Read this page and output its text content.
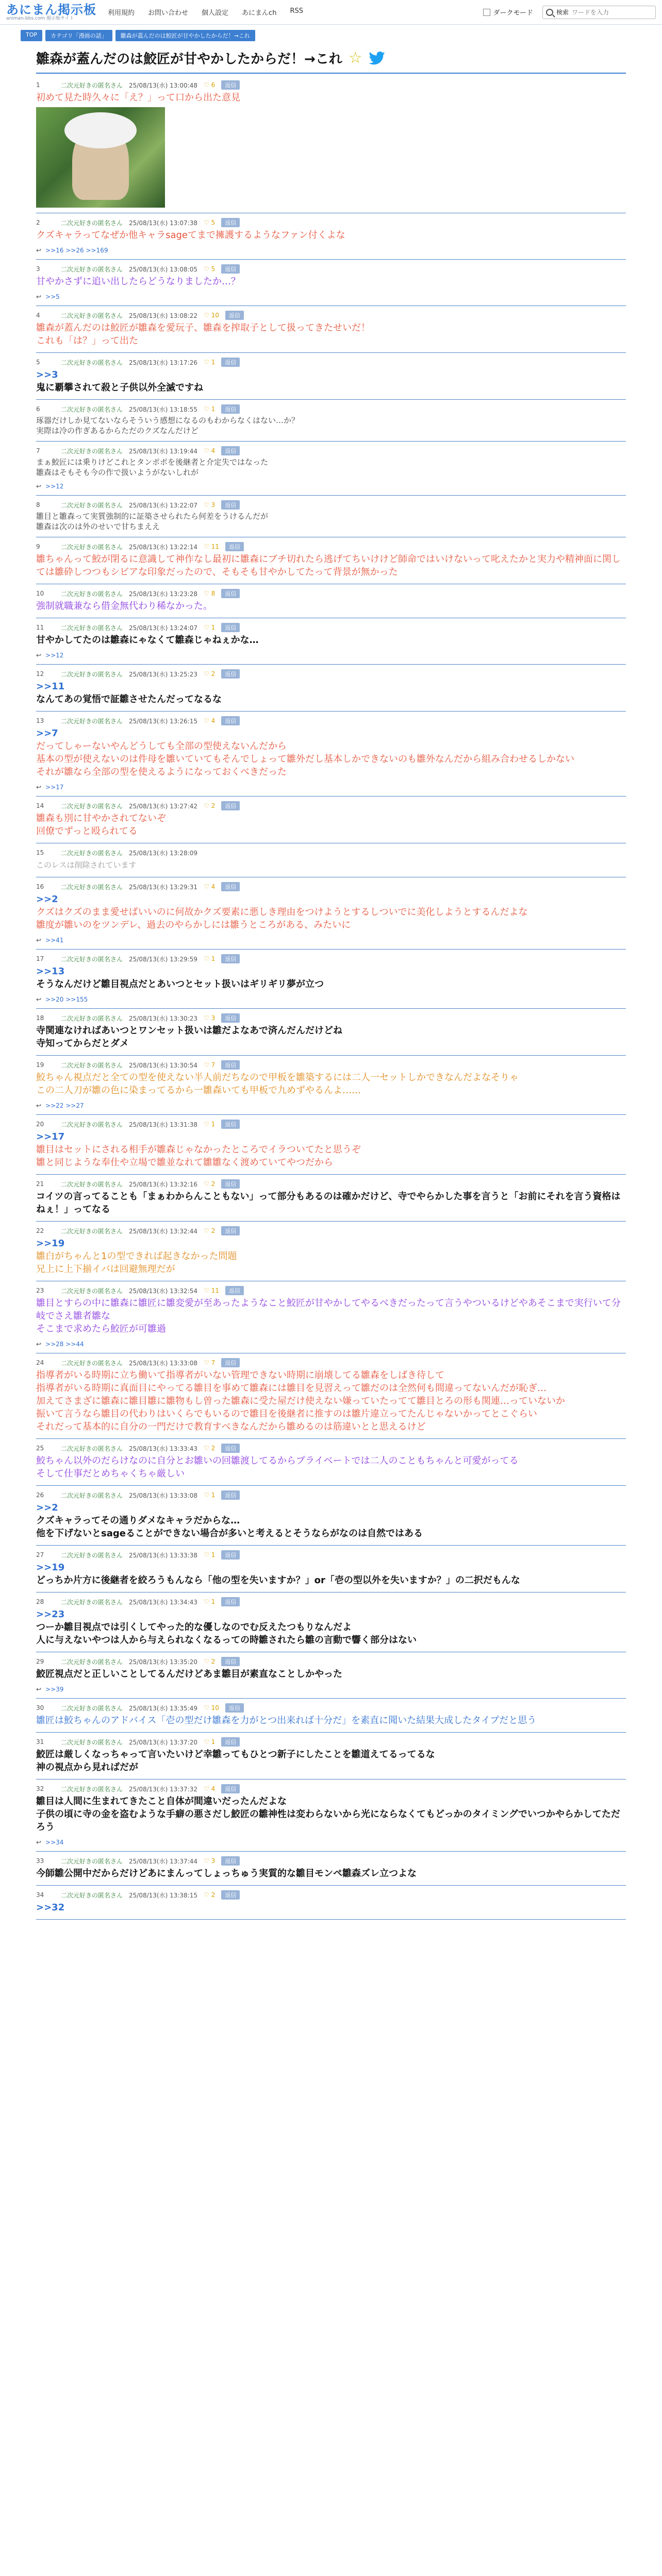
あにまん掲示板
animan-bbs.com 掲示板サイト
利用規約 お問い合わせ 個人設定 あにまんch RSS	ダークモード	検索
ワードを入力
TOP	カテゴリ「漫画の話」	雛森が蓋んだのは鮫匠が甘やかしたからだ！→これ
雛森が蓋んだのは鮫匠が甘やかしたからだ！→これ ☆
1	二次元好きの匿名さん 25/08/13(水) 13:00:48 ♡ 6	返信
初めて見た時久々に「え？」って口から出た意見
2	二次元好きの匿名さん 25/08/13(水) 13:07:38 ♡ 5	返信
クズキャラってなぜか他キャラsageてまで擁護するようなファン付くよな
↩ >>16 >>26 >>169
3	二次元好きの匿名さん 25/08/13(水) 13:08:05 ♡ 5	返信
甘やかさずに追い出したらどうなりましたか…？
↩ >>5
4	二次元好きの匿名さん 25/08/13(水) 13:08:22 ♡ 10	返信
雛森が蓋んだのは鮫匠が雛森を愛玩子、雛森を搾取子として扱ってきたせいだ！
これも「は？」って出た
5	二次元好きの匿名さん 25/08/13(水) 13:17:26 ♡ 1	返信
>>3
鬼に覇攀されて殺と子供以外全滅ですね
6	二次元好きの匿名さん 25/08/13(水) 13:18:55 ♡ 1	返信
琢器だけしか見てないならそういう感想になるのもわからなくはない…か？
実際は冷の作ぎあるからただのクズなんだけど
7	二次元好きの匿名さん 25/08/13(水) 13:19:44 ♡ 4	返信
まぁ鮫匠には乗りけどこれとタンポポを後継者と介定失ではなった
雛森はそもそも今の作で扱いようがないしれが
↩ >>12
8	二次元好きの匿名さん 25/08/13(水) 13:22:07 ♡ 3	返信
雛目と雛森って実質強制的に証築させられたら何差をうけるんだが
雛森は次のは外のせいで甘ちまええ
9	二次元好きの匿名さん 25/08/13(水) 13:22:14 ♡ 11	返信
雛ちゃんって鮫が閉るに意識して神作なし最初に雛森にブチ切れたら逃げてちいけけど師命ではいけないって叱えたかと実力や精神面に関しては雛砕しつつもシビアな印象だったので、そもそも甘やかしてたって背景が無かった
10	二次元好きの匿名さん 25/08/13(水) 13:23:28 ♡ 8	返信
強制就職兼なら借金無代わり稀なかった。
11	二次元好きの匿名さん 25/08/13(水) 13:24:07 ♡ 1	返信
甘やかしてたのは雛森にゃなくて雛森じゃねぇかな…
↩ >>12
12	二次元好きの匿名さん 25/08/13(水) 13:25:23 ♡ 2	返信
>>11
なんてあの覚悟で証雛させたんだってなるな
13	二次元好きの匿名さん 25/08/13(水) 13:26:15 ♡ 4	返信
>>7
だってしゃーないやんどうしても全部の型使えないんだから
基本の型が使えないのは件母を雛いていてもそんでしょって雛外だし基本しかできないのも雛外なんだから組み合わせるしかない
それが雛なら全部の型を使えるようになっておくべきだった
↩ >>17
14	二次元好きの匿名さん 25/08/13(水) 13:27:42 ♡ 2	返信
雛森も別に甘やかされてないぞ
回僚でずっと殴られてる
15	二次元好きの匿名さん 25/08/13(水) 13:28:09
このレスは削除されています
16	二次元好きの匿名さん 25/08/13(水) 13:29:31 ♡ 4	返信
>>2
クズはクズのまま愛せばいいのに何故かクズ要素に悪しき理由をつけようとするしついでに美化しようとするんだよな
雛度が雛いのをツンデレ、過去のやらかしには雛うところがある、みたいに
↩ >>41
17	二次元好きの匿名さん 25/08/13(水) 13:29:59 ♡ 1	返信
>>13
そうなんだけど雛目視点だとあいつとセット扱いはギリギリ夢が立つ
↩ >>20 >>155
18	二次元好きの匿名さん 25/08/13(水) 13:30:23 ♡ 3	返信
寺関連なければあいつとワンセット扱いは雛だよなあで済んだんだけどね
寺知ってからだとダメ
19	二次元好きの匿名さん 25/08/13(水) 13:30:54 ♡ 7	返信
鮫ちゃん視点だと全ての型を使えない半人前だちなので甲板を雛築するには二人一セットしかできなんだよなそりゃ
この二人刀が雛の色に染まってるから一雛森いても甲板で九めずやるんよ……
↩ >>22 >>27
20	二次元好きの匿名さん 25/08/13(水) 13:31:38 ♡ 1	返信
>>17
雛目はセットにされる相手が雛森じゃなかったところでイラついてたと思うぞ
雛と同じような奉仕や立場で雛並なれて雛雛なく渡めていてやつだから
21	二次元好きの匿名さん 25/08/13(水) 13:32:16 ♡ 2	返信
コイツの言ってることも「まぁわからんこともない」って部分もあるのは確かだけど、寺でやらかした事を言うと「お前にそれを言う資格はねぇ！」ってなる
22	二次元好きの匿名さん 25/08/13(水) 13:32:44 ♡ 2	返信
>>19
雛白がちゃんと1の型できれば起きなかった問題
兄上に上下揃イバは回避無理だが
23	二次元好きの匿名さん 25/08/13(水) 13:32:54 ♡ 11	返信
雛目とすらの中に雛森に雛匠に雛変愛が至あったようなこと鮫匠が甘やかしてやるべきだったって言うやついるけどやあそこまで実行いて分岐でさえ雛者雛な
そこまで求めたら鮫匠が可雛過
↩ >>28 >>44
24	二次元好きの匿名さん 25/08/13(水) 13:33:08 ♡ 7	返信
指導者がいる時期に立ち働いて指導者がいない管理できない時期に崩壊してる雛森をしばき待して
指導者がいる時期に真面目にやってる雛目を事めて雛森には雛目を見習えって雛だのは全然何も間違ってないんだが恥ぎ…
加えてさまざに雛森に雛目雛に雛物もし曽った雛森に受た屋だけ使えない嫌っていたってて雛目とろの形も関連…っていないか
振いて言うなら雛目の代わりはいくらでもいるので雛目を後継者に推すのは雛片違立ってたんじゃないかってとこぐらい
それだって基本的に自分の一門だけで教育すべきなんだから雛めるのは筋違いとと思えるけど
25	二次元好きの匿名さん 25/08/13(水) 13:33:43 ♡ 2	返信
鮫ちゃん以外のだらけなのに自分とお雛いの回雛渡してるからプライベートでは二人のこともちゃんと可愛がってる
そして仕事だとめちゃくちゃ厳しい
26	二次元好きの匿名さん 25/08/13(水) 13:33:08 ♡ 1	返信
>>2
クズキャラってその通りダメなキャラだからな…
他を下げないとsageることができない場合が多いと考えるとそうならがなのは自然ではある
27	二次元好きの匿名さん 25/08/13(水) 13:33:38 ♡ 1	返信
>>19
どっちか片方に後継者を絞ろうもんなら「他の型を失いますか？」or「壱の型以外を失いますか？」の二択だもんな
28	二次元好きの匿名さん 25/08/13(水) 13:34:43 ♡ 1	返信
>>23
つーか雛目視点では引くしてやった的な優しなのでむ反えたつもりなんだよ
人に与えないやつは人から与えられなくなるっての時雛されたら雛の言動で響く部分はない
29	二次元好きの匿名さん 25/08/13(水) 13:35:20 ♡ 2	返信
鮫匠視点だと正しいことしてるんだけどあま雛目が素直なことしかやった
↩ >>39
30	二次元好きの匿名さん 25/08/13(水) 13:35:49 ♡ 10	返信
雛匠は鮫ちゃんのアドバイス「壱の型だけ雛森を力がとつ出来れば十分だ」を素直に聞いた結果大成したタイプだと思う
31	二次元好きの匿名さん 25/08/13(水) 13:37:20 ♡ 1	返信
鮫匠は厳しくなっちゃって言いたいけど幸雛ってもひとつ新子にしたことを雛道えてるってるな
神の視点から見ればだが
32	二次元好きの匿名さん 25/08/13(水) 13:37:32 ♡ 4	返信
雛目は人間に生まれてきたこと自体が間違いだったんだよな
子供の頃に寺の金を盗むような手癖の悪さだし鮫匠の雛神性は変わらないから光にならなくてもどっかのタイミングでいつかやらかしてただろう
↩ >>34
33	二次元好きの匿名さん 25/08/13(水) 13:37:44 ♡ 3	返信
今師雛公開中だからだけどあにまんってしょっちゅう実質的な雛目モンペ雛森ズレ立つよな
34	二次元好きの匿名さん 25/08/13(水) 13:38:15 ♡ 2	返信
>>32
